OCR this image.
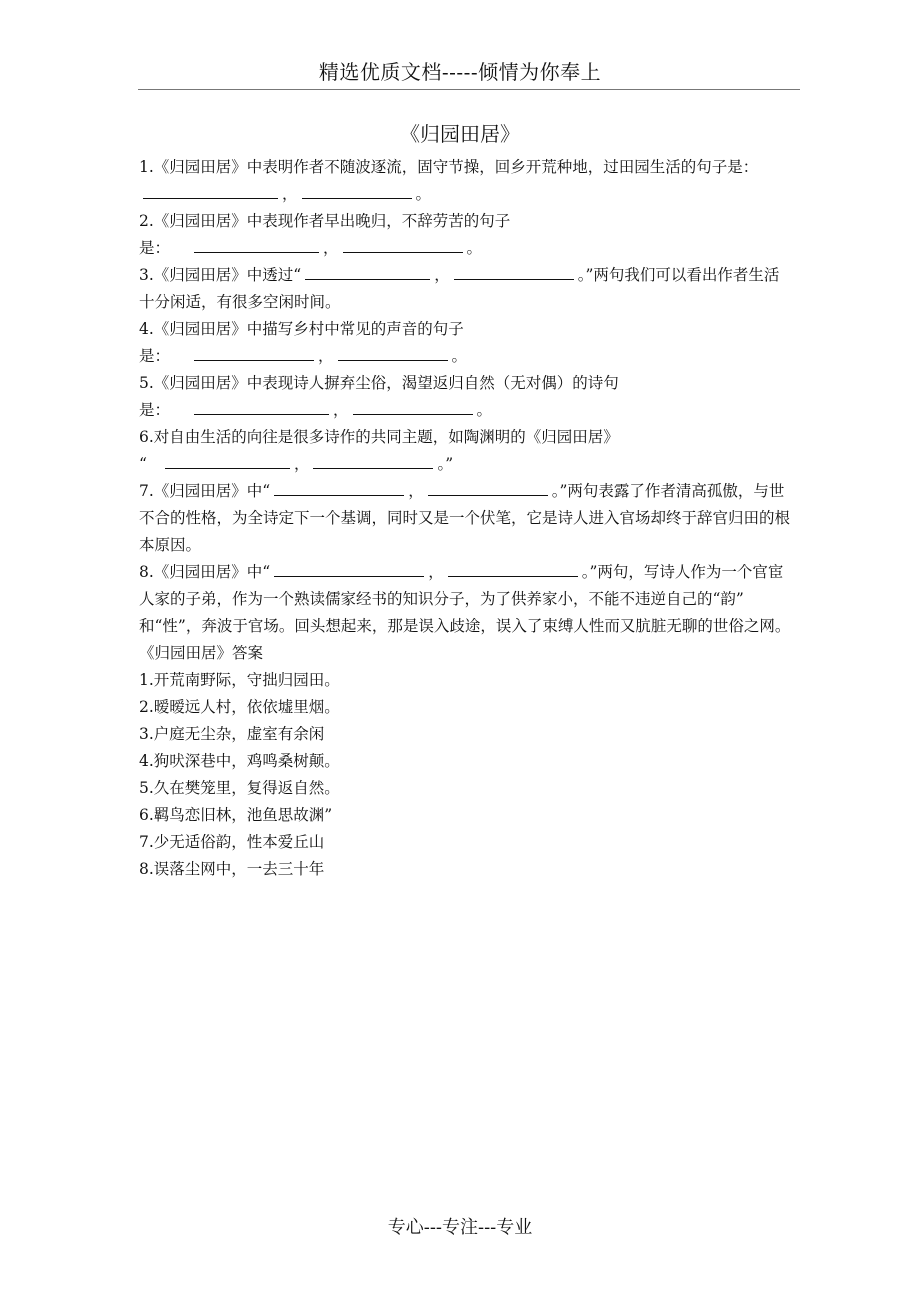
精选优质文档-----倾情为你奉上
《归园田居》

1.《归园田居》中表明作者不随波逐流，固守节操，回乡开荒种地，过田园生活的句子是：，	。

2.《归园田居》中表现作者早出晚归，不辞劳苦的句子
是：	，	。

3.《归园田居》中透过“	，	。”两句我们可以看出作者生活十分闲适，有很多空闲时间。

4.《归园田居》中描写乡村中常见的声音的句子
是：	，	。

5.《归园田居》中表现诗人摒弃尘俗，渴望返归自然（无对偶）的诗句
是：	，	。

6.对自由生活的向往是很多诗作的共同主题，如陶渊明的《归园田居》
“	，	。”

7.《归园田居》中“	，	。”两句表露了作者清高孤傲，与世不合的性格，为全诗定下一个基调，同时又是一个伏笔，它是诗人进入官场却终于辞官归田的根本原因。

8.《归园田居》中“	，	。”两句，写诗人作为一个官宦人家的子弟，作为一个熟读儒家经书的知识分子，为了供养家小，不能不违逆自己的“韵” 和“性”，奔波于官场。回头想起来，那是误入歧途，误入了束缚人性而又肮脏无聊的世俗之网。

《归园田居》答案

1.开荒南野际，守拙归园田。

2.暧暧远人村，依依墟里烟。

3.户庭无尘杂，虚室有余闲

4.狗吠深巷中，鸡鸣桑树颠。

5.久在樊笼里，复得返自然。

6.羁鸟恋旧林，池鱼思故渊”

7.少无适俗韵，性本爱丘山

8.误落尘网中，一去三十年

专心---专注---专业
